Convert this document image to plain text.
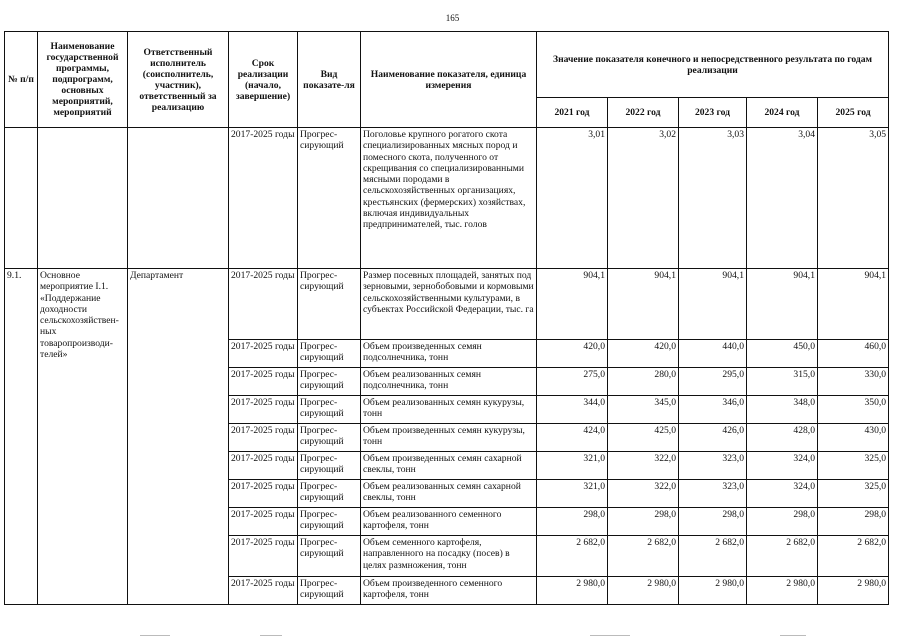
165
№ п/п	Наименование государственной программы, подпрограмм, основных мероприятий, мероприятий	Ответственный исполнитель (соисполнитель, участник), ответственный за реализацию	Срок реализации (начало, завершение)	Вид показате-ля	Наименование показателя, единица измерения	Значение показателя конечного и непосредственного результата по годам реализации				
						2021 год	2022 год	2023 год	2024 год	2025 год
			2017-2025 годы	Прогрес-сирующий	Поголовье крупного рогатого скота специализированных мясных пород и помесного скота, полученного от скрещивания со специализированными мясными породами в сельскохозяйственных организациях, крестьянских (фермерских) хозяйствах, включая индивидуальных предпринимателей, тыс. голов	3,01	3,02	3,03	3,04	3,05
9.1.	Основное мероприятие I.1. «Поддержание доходности сельскохозяйствен-ных товаропроизводи-телей»	Департамент	2017-2025 годы	Прогрес-сирующий	Размер посевных площадей, занятых под зерновыми, зернобобовыми и кормовыми сельскохозяйственными культурами, в субъектах Российской Федерации, тыс. га	904,1	904,1	904,1	904,1	904,1
			2017-2025 годы	Прогрес-сирующий	Объем произведенных семян подсолнечника, тонн	420,0	420,0	440,0	450,0	460,0
			2017-2025 годы	Прогрес-сирующий	Объем реализованных семян подсолнечника, тонн	275,0	280,0	295,0	315,0	330,0
			2017-2025 годы	Прогрес-сирующий	Объем реализованных семян кукурузы, тонн	344,0	345,0	346,0	348,0	350,0
			2017-2025 годы	Прогрес-сирующий	Объем произведенных семян кукурузы, тонн	424,0	425,0	426,0	428,0	430,0
			2017-2025 годы	Прогрес-сирующий	Объем произведенных семян сахарной свеклы, тонн	321,0	322,0	323,0	324,0	325,0
			2017-2025 годы	Прогрес-сирующий	Объем реализованных семян сахарной свеклы, тонн	321,0	322,0	323,0	324,0	325,0
			2017-2025 годы	Прогрес-сирующий	Объем реализованного семенного картофеля, тонн	298,0	298,0	298,0	298,0	298,0
			2017-2025 годы	Прогрес-сирующий	Объем семенного картофеля, направленного на посадку (посев) в целях размножения, тонн	2 682,0	2 682,0	2 682,0	2 682,0	2 682,0
			2017-2025 годы	Прогрес-сирующий	Объем произведенного семенного картофеля, тонн	2 980,0	2 980,0	2 980,0	2 980,0	2 980,0
